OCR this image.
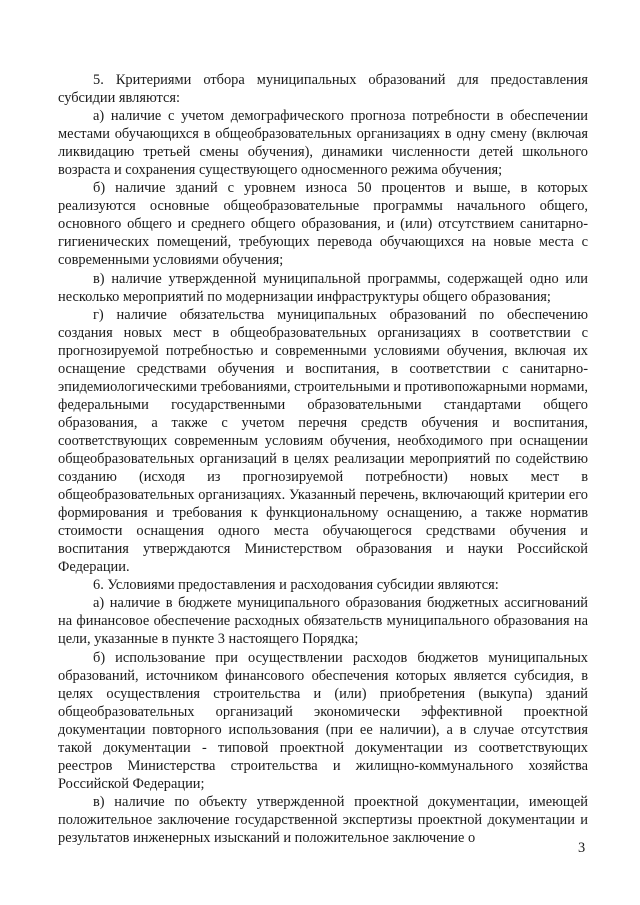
5. Критериями отбора муниципальных образований для предоставления субсидии являются:

а) наличие с учетом демографического прогноза потребности в обеспечении местами обучающихся в общеобразовательных организациях в одну смену (включая ликвидацию третьей смены обучения), динамики численности детей школьного возраста и сохранения существующего односменного режима обучения;

б) наличие зданий с уровнем износа 50 процентов и выше, в которых реализуются основные общеобразовательные программы начального общего, основного общего и среднего общего образования, и (или) отсутствием санитарно-гигиенических помещений, требующих перевода обучающихся на новые места с современными условиями обучения;

в) наличие утвержденной муниципальной программы, содержащей одно или несколько мероприятий по модернизации инфраструктуры общего образования;

г) наличие обязательства муниципальных образований по обеспечению создания новых мест в общеобразовательных организациях в соответствии с прогнозируемой потребностью и современными условиями обучения, включая их оснащение средствами обучения и воспитания, в соответствии с санитарно-эпидемиологическими требованиями, строительными и противопожарными нормами, федеральными государственными образовательными стандартами общего образования, а также с учетом перечня средств обучения и воспитания, соответствующих современным условиям обучения, необходимого при оснащении общеобразовательных организаций в целях реализации мероприятий по содействию созданию (исходя из прогнозируемой потребности) новых мест в общеобразовательных организациях. Указанный перечень, включающий критерии его формирования и требования к функциональному оснащению, а также норматив стоимости оснащения одного места обучающегося средствами обучения и воспитания утверждаются Министерством образования и науки Российской Федерации.

6. Условиями предоставления и расходования субсидии являются:

а) наличие в бюджете муниципального образования бюджетных ассигнований на финансовое обеспечение расходных обязательств муниципального образования на цели, указанные в пункте 3 настоящего Порядка;

б) использование при осуществлении расходов бюджетов муниципальных образований, источником финансового обеспечения которых является субсидия, в целях осуществления строительства и (или) приобретения (выкупа) зданий общеобразовательных организаций экономически эффективной проектной документации повторного использования (при ее наличии), а в случае отсутствия такой документации - типовой проектной документации из соответствующих реестров Министерства строительства и жилищно-коммунального хозяйства Российской Федерации;

в) наличие по объекту утвержденной проектной документации, имеющей положительное заключение государственной экспертизы проектной документации и результатов инженерных изысканий и положительное заключение о

3
